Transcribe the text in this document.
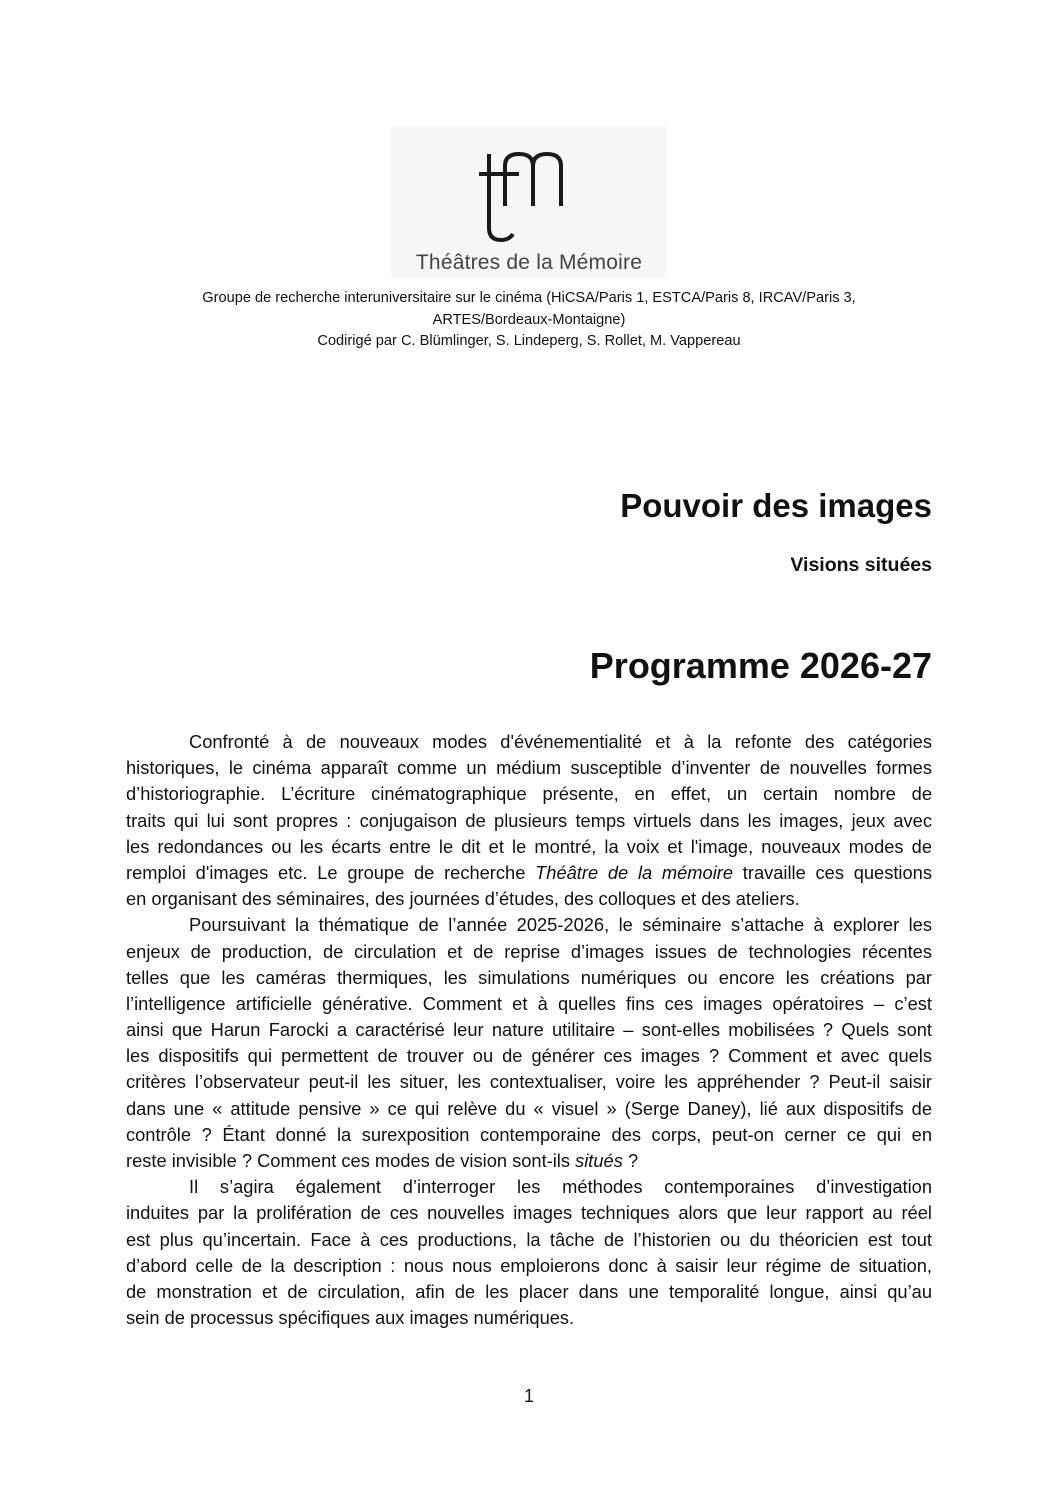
Théâtres de la Mémoire
Groupe de recherche interuniversitaire sur le cinéma (HiCSA/Paris 1, ESTCA/Paris 8, IRCAV/Paris 3,
ARTES/Bordeaux-Montaigne)
Codirigé par C. Blümlinger, S. Lindeperg, S. Rollet, M. Vappereau
Pouvoir des images
Visions situées
Programme 2026-27
Confronté à de nouveaux modes d'événementialité et à la refonte des catégories
historiques, le cinéma apparaît comme un médium susceptible d’inventer de nouvelles formes
d’historiographie. L’écriture cinématographique présente, en effet, un certain nombre de
traits qui lui sont propres : conjugaison de plusieurs temps virtuels dans les images, jeux avec
les redondances ou les écarts entre le dit et le montré, la voix et l'image, nouveaux modes de
remploi d'images etc. Le groupe de recherche Théâtre de la mémoire travaille ces questions
en organisant des séminaires, des journées d’études, des colloques et des ateliers.
Poursuivant la thématique de l’année 2025-2026, le séminaire s’attache à explorer les
enjeux de production, de circulation et de reprise d’images issues de technologies récentes
telles que les caméras thermiques, les simulations numériques ou encore les créations par
l’intelligence artificielle générative. Comment et à quelles fins ces images opératoires – c’est
ainsi que Harun Farocki a caractérisé leur nature utilitaire – sont-elles mobilisées ? Quels sont
les dispositifs qui permettent de trouver ou de générer ces images ? Comment et avec quels
critères l’observateur peut-il les situer, les contextualiser, voire les appréhender ? Peut-il saisir
dans une « attitude pensive » ce qui relève du « visuel » (Serge Daney), lié aux dispositifs de
contrôle ? Étant donné la surexposition contemporaine des corps, peut-on cerner ce qui en
reste invisible ? Comment ces modes de vision sont-ils situés ?
Il s’agira également d’interroger les méthodes contemporaines d’investigation
induites par la prolifération de ces nouvelles images techniques alors que leur rapport au réel
est plus qu’incertain. Face à ces productions, la tâche de l’historien ou du théoricien est tout
d’abord celle de la description : nous nous emploierons donc à saisir leur régime de situation,
de monstration et de circulation, afin de les placer dans une temporalité longue, ainsi qu’au
sein de processus spécifiques aux images numériques.
1
